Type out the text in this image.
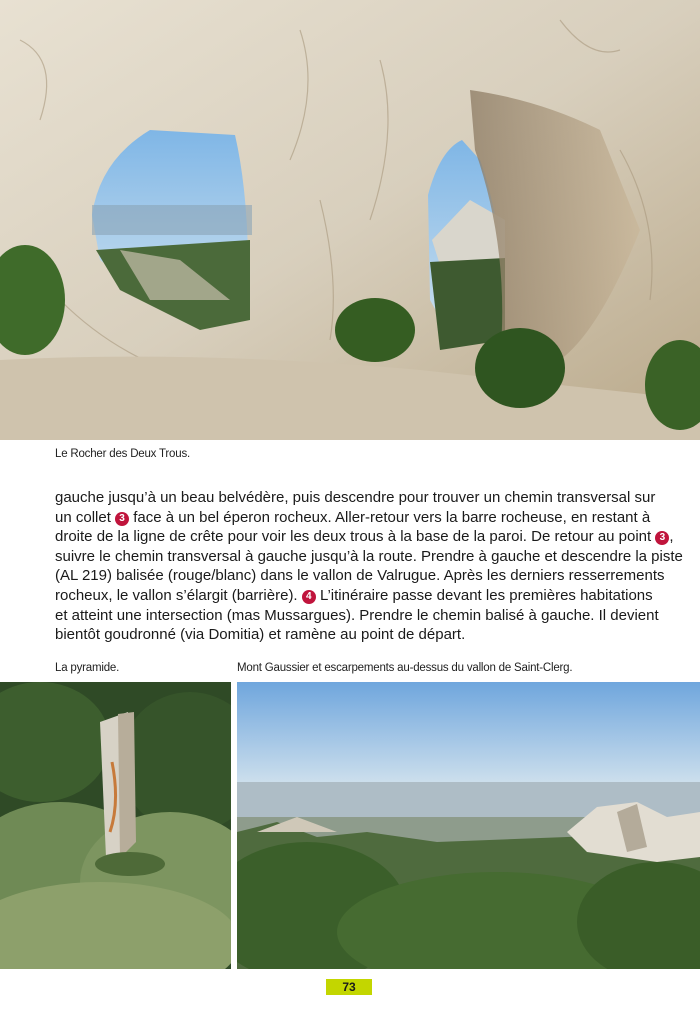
Le Rocher des Deux Trous.

gauche jusqu’à un beau belvédère, puis descendre pour trouver un chemin transversal sur
un collet 3 face à un bel éperon rocheux. Aller-retour vers la barre rocheuse, en restant à
droite de la ligne de crête pour voir les deux trous à la base de la paroi. De retour au point 3 ,
suivre le chemin transversal à gauche jusqu’à la route. Prendre à gauche et descendre la piste
(AL 219) balisée (rouge/blanc) dans le vallon de Valrugue. Après les derniers resserrements
rocheux, le vallon s’élargit (barrière). 4 L’itinéraire passe devant les premières habitations
et atteint une intersection (mas Mussargues). Prendre le chemin balisé à gauche. Il devient
bientôt goudronné (via Domitia) et ramène au point de départ.

La pyramide.	Mont Gaussier et escarpements au-dessus du vallon de Saint-Clerg.
73
